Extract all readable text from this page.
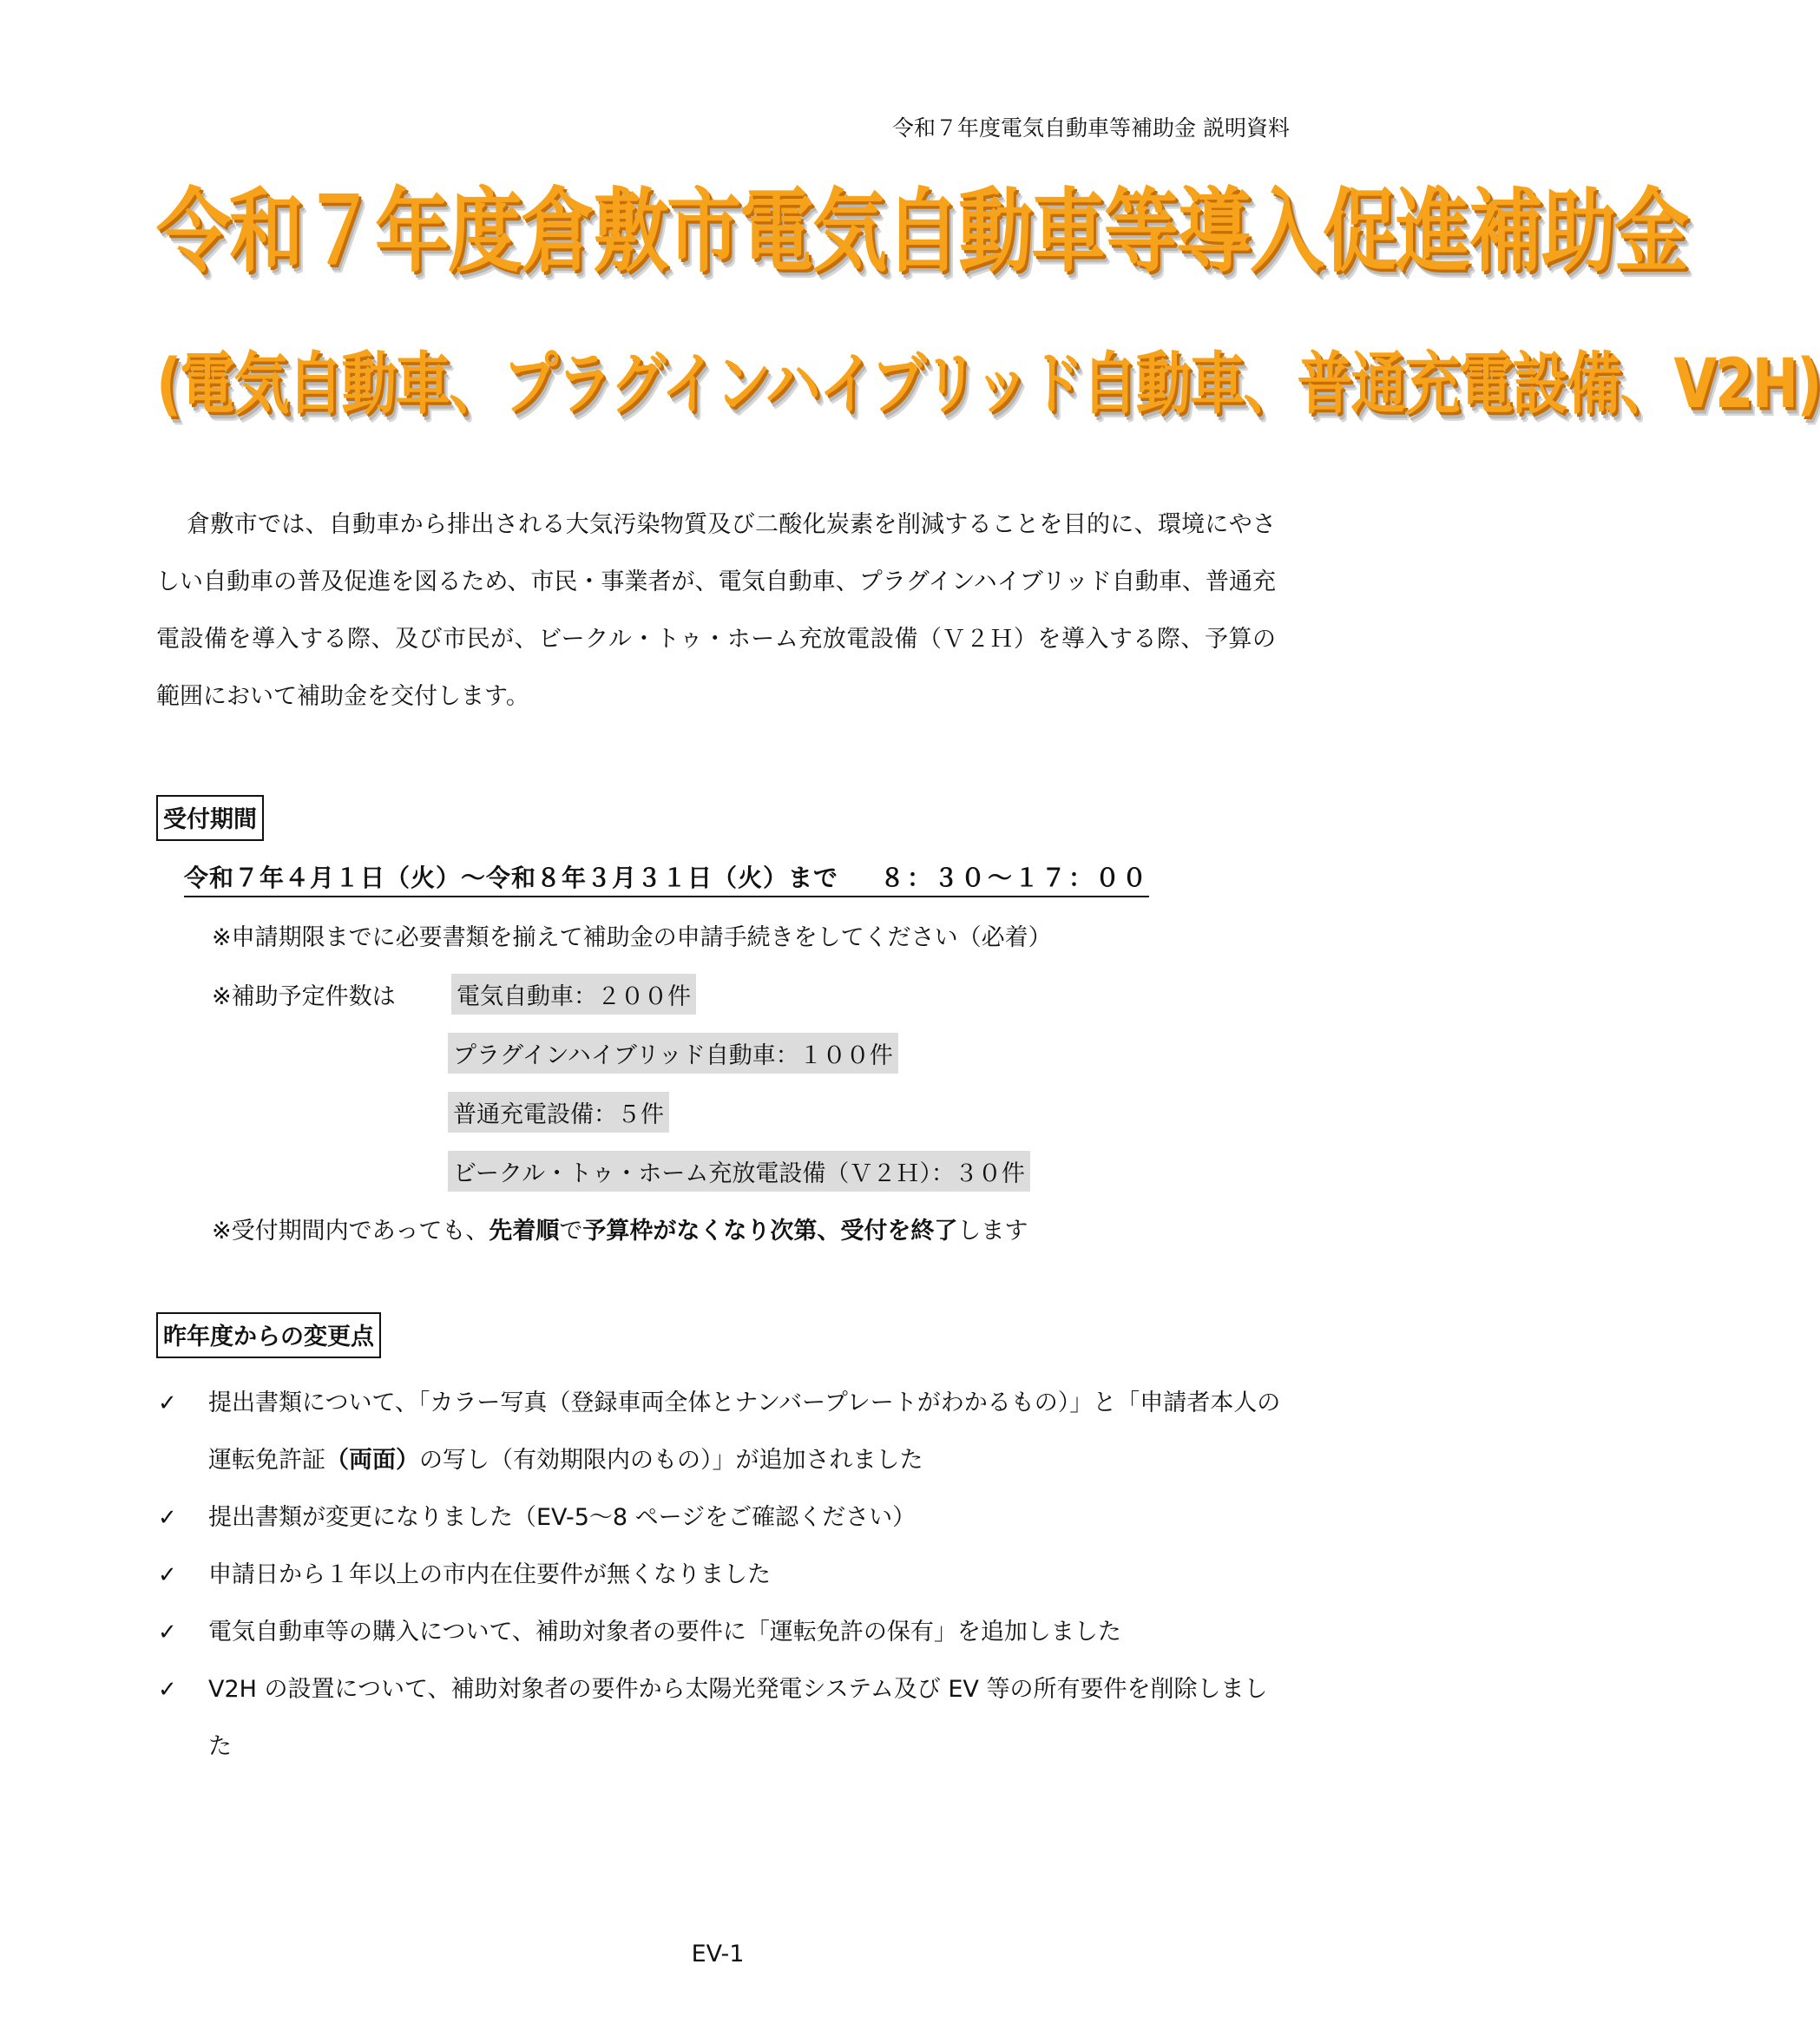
令和７年度電気自動車等補助金 説明資料
令和７年度倉敷市電気自動車等導入促進補助金
(電気自動車、プラグインハイブリッド自動車、普通充電設備、V2H)

倉敷市では、自動車から排出される大気汚染物質及び二酸化炭素を削減することを目的に、環境にやさしい自動車の普及促進を図るため、市民・事業者が、電気自動車、プラグインハイブリッド自動車、普通充電設備を導入する際、及び市民が、ビークル・トゥ・ホーム充放電設備（Ｖ２Ｈ）を導入する際、予算の範囲において補助金を交付します。

受付期間
令和７年４月１日（火）～令和８年３月３１日（火）まで ８：３０～１７：００
※申請期限までに必要書類を揃えて補助金の申請手続きをしてください（必着）
※補助予定件数は	電気自動車：２００件
プラグインハイブリッド自動車：１００件
普通充電設備：５件
ビークル・トゥ・ホーム充放電設備（Ｖ２Ｈ）：３０件
※受付期間内であっても、先着順で予算枠がなくなり次第、受付を終了します
昨年度からの変更点
✓ 提出書類について、「カラー写真（登録車両全体とナンバープレートがわかるもの）」と「申請者本人の運転免許証（両面）の写し（有効期限内のもの）」が追加されました
✓ 提出書類が変更になりました（EV-5～8 ページをご確認ください）
✓ 申請日から１年以上の市内在住要件が無くなりました
✓ 電気自動車等の購入について、補助対象者の要件に「運転免許の保有」を追加しました
✓ V2H の設置について、補助対象者の要件から太陽光発電システム及び EV 等の所有要件を削除しました
EV-1
